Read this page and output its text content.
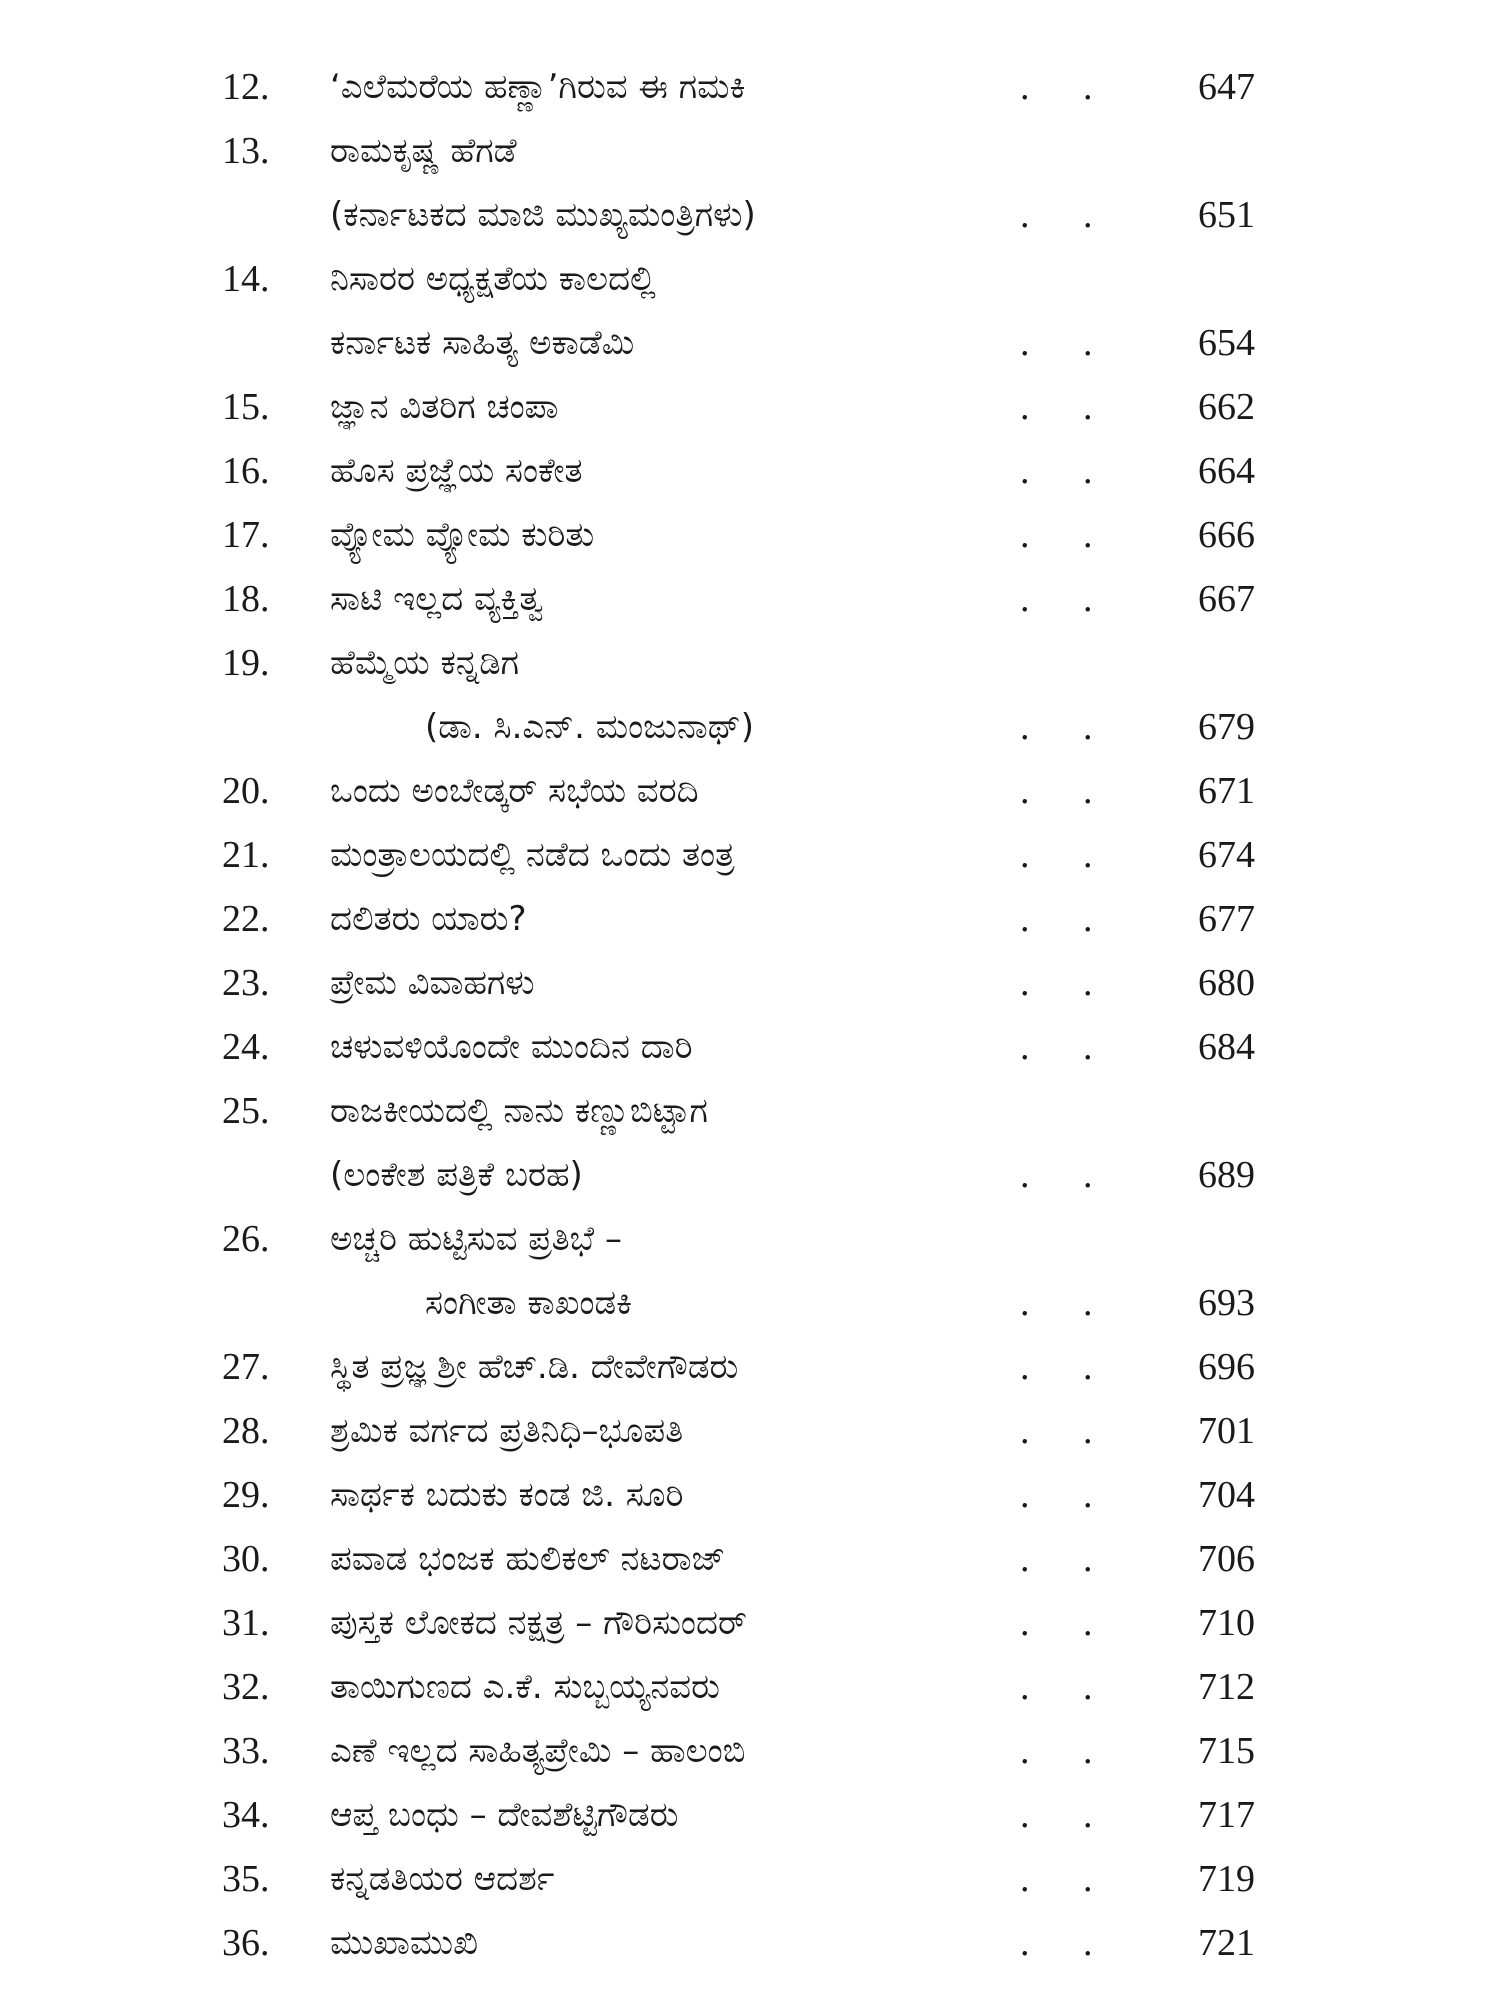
12. ‘ಎಲೆಮರೆಯ ಹಣ್ಣಾ’ಗಿರುವ ಈ ಗಮಕಿ	. . 647
13. ರಾಮಕೃಷ್ಣ ಹೆಗಡೆ
(ಕರ್ನಾಟಕದ ಮಾಜಿ ಮುಖ್ಯಮಂತ್ರಿಗಳು)	. . 651
14. ನಿಸಾರರ ಅಧ್ಯಕ್ಷತೆಯ ಕಾಲದಲ್ಲಿ
ಕರ್ನಾಟಕ ಸಾಹಿತ್ಯ ಅಕಾಡೆಮಿ	. . 654
15. ಜ್ಞಾನ ವಿತರಿಗ ಚಂಪಾ	. . 662
16. ಹೊಸ ಪ್ರಜ್ಞೆಯ ಸಂಕೇತ	. . 664
17. ವ್ಯೋಮ ವ್ಯೋಮ ಕುರಿತು	. . 666
18. ಸಾಟಿ ಇಲ್ಲದ ವ್ಯಕ್ತಿತ್ವ	. . 667
19. ಹೆಮ್ಮೆಯ ಕನ್ನಡಿಗ
(ಡಾ. ಸಿ.ಎನ್. ಮಂಜುನಾಥ್)	. . 679
20. ಒಂದು ಅಂಬೇಡ್ಕರ್ ಸಭೆಯ ವರದಿ	. . 671
21. ಮಂತ್ರಾಲಯದಲ್ಲಿ ನಡೆದ ಒಂದು ತಂತ್ರ	. . 674
22. ದಲಿತರು ಯಾರು?	. . 677
23. ಪ್ರೇಮ ವಿವಾಹಗಳು	. . 680
24. ಚಳುವಳಿಯೊಂದೇ ಮುಂದಿನ ದಾರಿ	. . 684
25. ರಾಜಕೀಯದಲ್ಲಿ ನಾನು ಕಣ್ಣುಬಿಟ್ಟಾಗ
(ಲಂಕೇಶ ಪತ್ರಿಕೆ ಬರಹ)	. . 689
26. ಅಚ್ಚರಿ ಹುಟ್ಟಿಸುವ ಪ್ರತಿಭೆ –
ಸಂಗೀತಾ ಕಾಖಂಡಕಿ	. . 693
27. ಸ್ಥಿತ ಪ್ರಜ್ಞ ಶ್ರೀ ಹೆಚ್.ಡಿ. ದೇವೇಗೌಡರು	. . 696
28. ಶ್ರಮಿಕ ವರ್ಗದ ಪ್ರತಿನಿಧಿ–ಭೂಪತಿ	. . 701
29. ಸಾರ್ಥಕ ಬದುಕು ಕಂಡ ಜಿ. ಸೂರಿ	. . 704
30. ಪವಾಡ ಭಂಜಕ ಹುಲಿಕಲ್ ನಟರಾಜ್	. . 706
31. ಪುಸ್ತಕ ಲೋಕದ ನಕ್ಷತ್ರ – ಗೌರಿಸುಂದರ್	. . 710
32. ತಾಯಿಗುಣದ ಎ.ಕೆ. ಸುಬ್ಬಯ್ಯನವರು	. . 712
33. ಎಣೆ ಇಲ್ಲದ ಸಾಹಿತ್ಯಪ್ರೇಮಿ – ಹಾಲಂಬಿ	. . 715
34. ಆಪ್ತ ಬಂಧು – ದೇವಶೆಟ್ಟಿಗೌಡರು	. . 717
35. ಕನ್ನಡತಿಯರ ಆದರ್ಶ	. . 719
36. ಮುಖಾಮುಖಿ	. . 721
